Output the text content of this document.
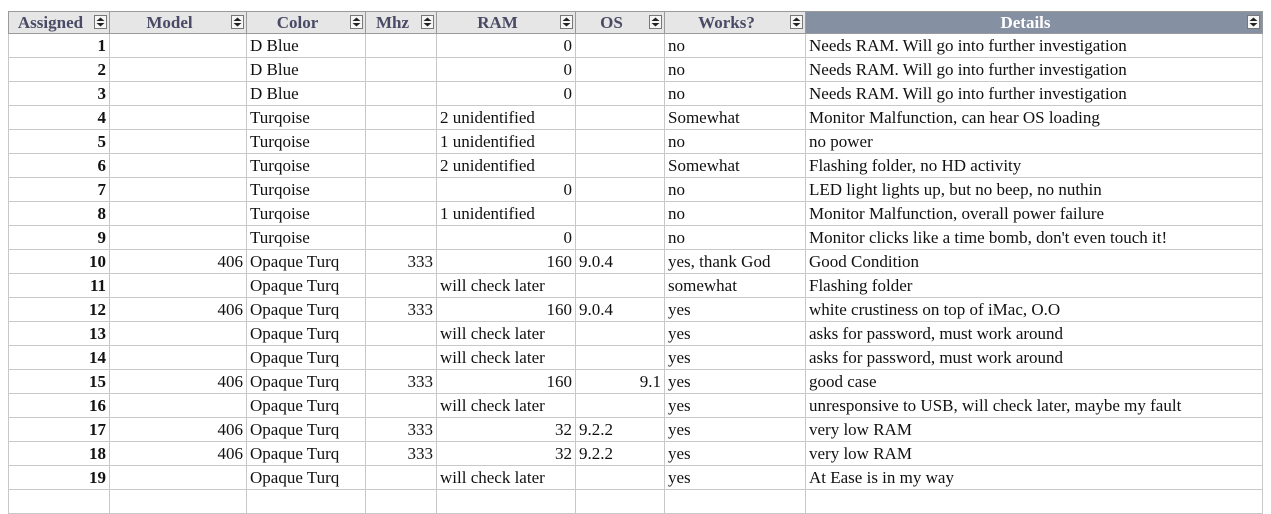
Assigned	Model	Color	Mhz	RAM	OS	Works?	Details

1		D Blue		0		no	Needs RAM. Will go into further investigation
2		D Blue		0		no	Needs RAM. Will go into further investigation
3		D Blue		0		no	Needs RAM. Will go into further investigation
4		Turqoise		2 unidentified		Somewhat	Monitor Malfunction, can hear OS loading
5		Turqoise		1 unidentified		no	no power
6		Turqoise		2 unidentified		Somewhat	Flashing folder, no HD activity
7		Turqoise		0		no	LED light lights up, but no beep, no nuthin
8		Turqoise		1 unidentified		no	Monitor Malfunction, overall power failure
9		Turqoise		0		no	Monitor clicks like a time bomb, don't even touch it!
10	406	Opaque Turq	333	160	9.0.4	yes, thank God	Good Condition
11		Opaque Turq		will check later		somewhat	Flashing folder
12	406	Opaque Turq	333	160	9.0.4	yes	white crustiness on top of iMac, O.O
13		Opaque Turq		will check later		yes	asks for password, must work around
14		Opaque Turq		will check later		yes	asks for password, must work around
15	406	Opaque Turq	333	160	9.1	yes	good case
16		Opaque Turq		will check later		yes	unresponsive to USB, will check later, maybe my fault
17	406	Opaque Turq	333	32	9.2.2	yes	very low RAM
18	406	Opaque Turq	333	32	9.2.2	yes	very low RAM
19		Opaque Turq		will check later		yes	At Ease is in my way
